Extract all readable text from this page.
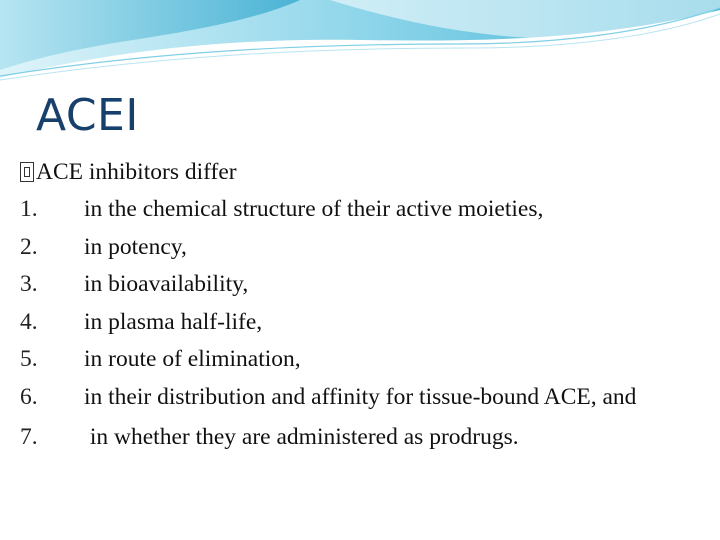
ACEI
ACE inhibitors differ
1.	in the chemical structure of their active moieties,
2.	in potency,
3.	in bioavailability,
4.	in plasma half-life,
5.	in route of elimination,
6.	in their distribution and affinity for tissue-bound ACE, and
7.	in whether they are administered as prodrugs.
